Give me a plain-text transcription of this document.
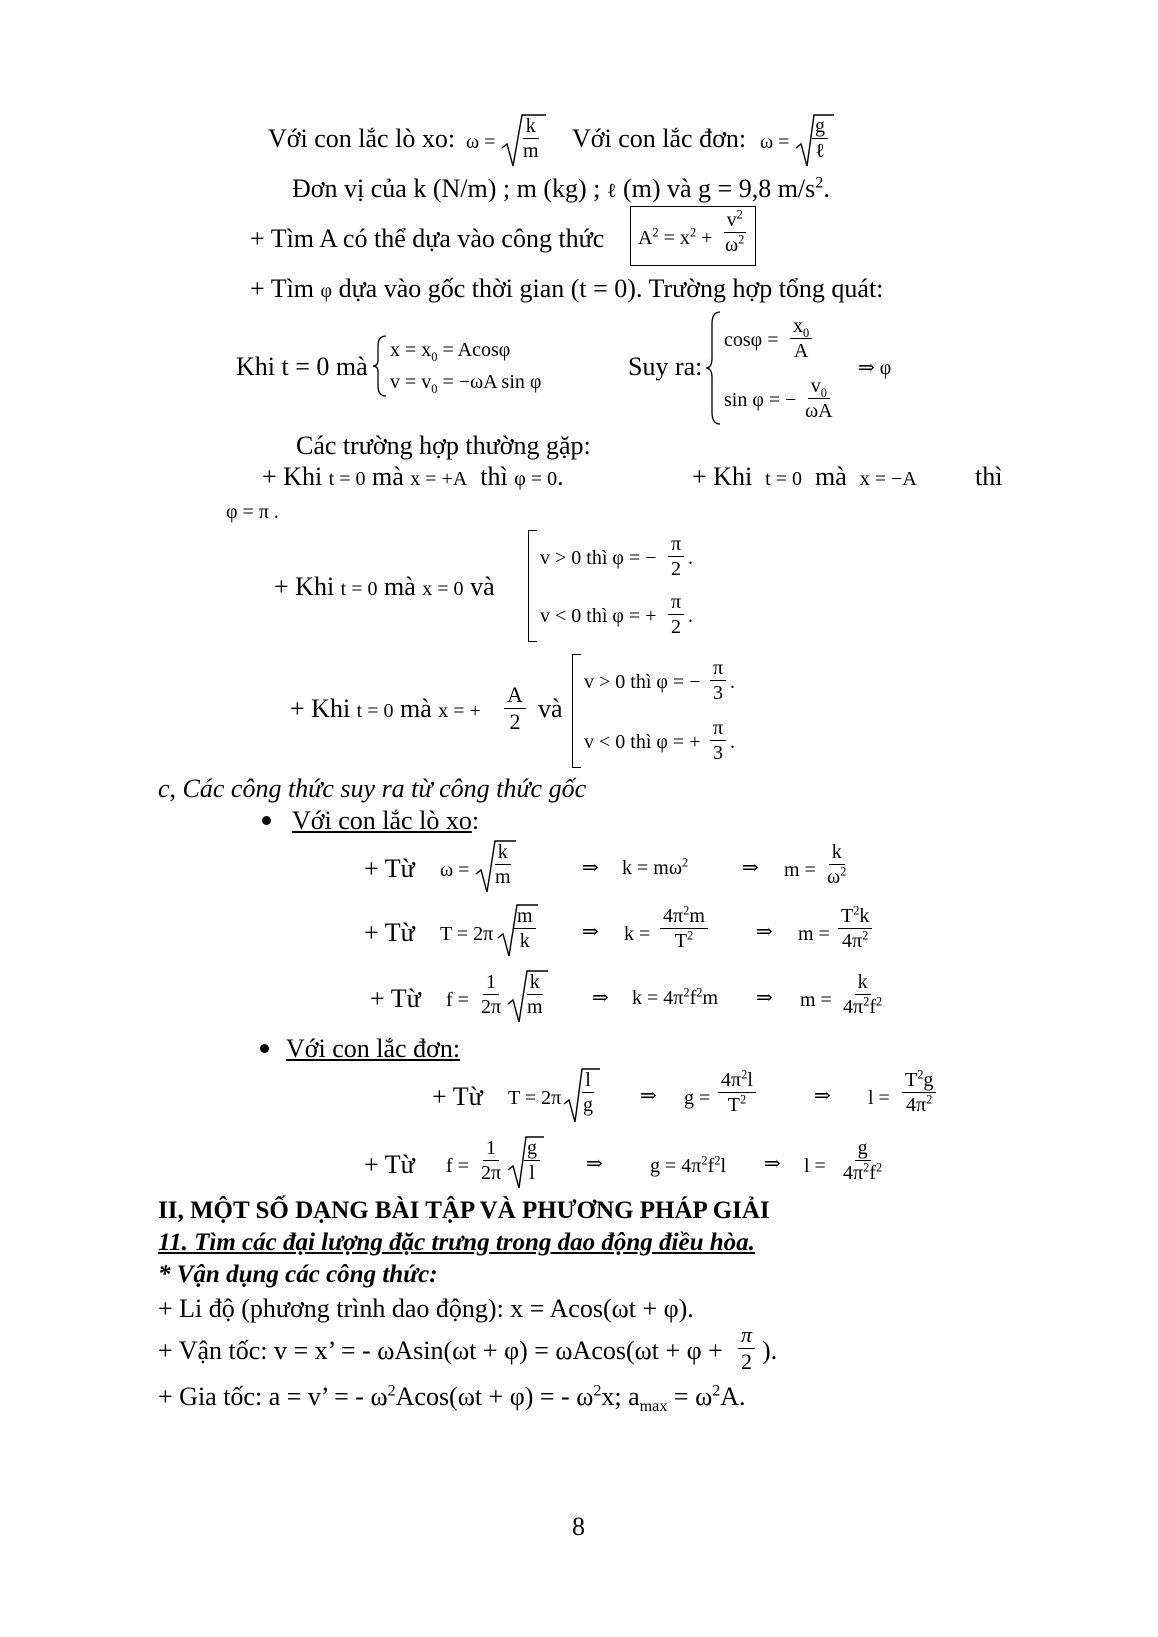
Với con lắc lò xo: $\omega = \frac{k}{m}$ Với con lắc đơn: ω =
g
ℓ
Đơn vị của k (N/m) ; m (kg) ; ℓ (m) và g = 9,8 $m/s^2$.
+ Tìm A có thể dựa vào công thức $A^2 = x^2 + \frac{v^2}{\omega^2}$
+ Tìm φ dựa vào gốc thời gian (t = 0). Trường hợp tổng quát:
Khi t = 0 mà
$x = x_0 = Acos\varphi$
$v = v_0 = -\omega A$ sin φ
Suy ra:
$\cos\varphi = \frac{x_0}{A}$
sin φ = − $\frac{v_0}{\omega A}$
⇒ φ
Các trường hợp thường gặp:
+ Khi t = 0 mà x = +A thì φ = 0.	+ Khi t = 0 mà x = −A thì
φ = π .
+ Khi t = 0 mà x = 0 và
v > 0 thì φ = − $\frac{\pi}{2}$ .
v < 0 thì φ = + $\frac{\pi}{2}$ .
+ Khi t = 0 mà x = + $\frac{A}{2}$ và
v > 0 thì φ = − $\frac{\pi}{3}$ .
v < 0 thì φ = + $\frac{\pi}{3}$ .
c, Các công thức suy ra từ công thức gốc
Với con lắc lò xo:
+ Từ $\omega = \frac{k}{m}$	⇒ $k = m\omega^2$	⇒ $m = \frac{k}{\omega^2}$
+ Từ $T = 2\pi \frac{m}{k}$ ⇒ $k = \frac{4\pi^2m}{T^2}$ ⇒ $m = \frac{T^2k}{4\pi^2}$
+ Từ $f = \frac{1}{2\pi} \frac{k}{m}$ ⇒ $k = 4\pi^2f^2m$ ⇒ $m = \frac{k}{4\pi^2f^2}$
Với con lắc đơn:
+ Từ $T = 2\pi \frac{l}{g}$ ⇒ $g = \frac{4\pi^2l}{T^2}$	⇒ $l = \frac{T^2g}{4\pi^2}$
+ Từ $f = \frac{1}{2\pi} \frac{g}{l}$ ⇒ $g = 4\pi^2f^2l$ ⇒ $l = \frac{g}{4\pi^2f^2}$
II, MỘT SỐ DẠNG BÀI TẬP VÀ PHƯƠNG PHÁP GIẢI
11. Tìm các đại lượng đặc trưng trong dao động điều hòa.
* Vận dụng các công thức:
+ Li độ (phương trình dao động): x = Acos(ωt + φ).
+ Vận tốc: v = x’ = - $\omega Asin(\omega t + \varphi) = \omega Acos(\omega t + \varphi + \frac{\pi}{2}$ ).
+ Gia tốc: a = v’ = - $\omega^2Acos(\omega t + \varphi)$ = - $\omega^2x$; $a_{max} = \omega^2A$.
8
